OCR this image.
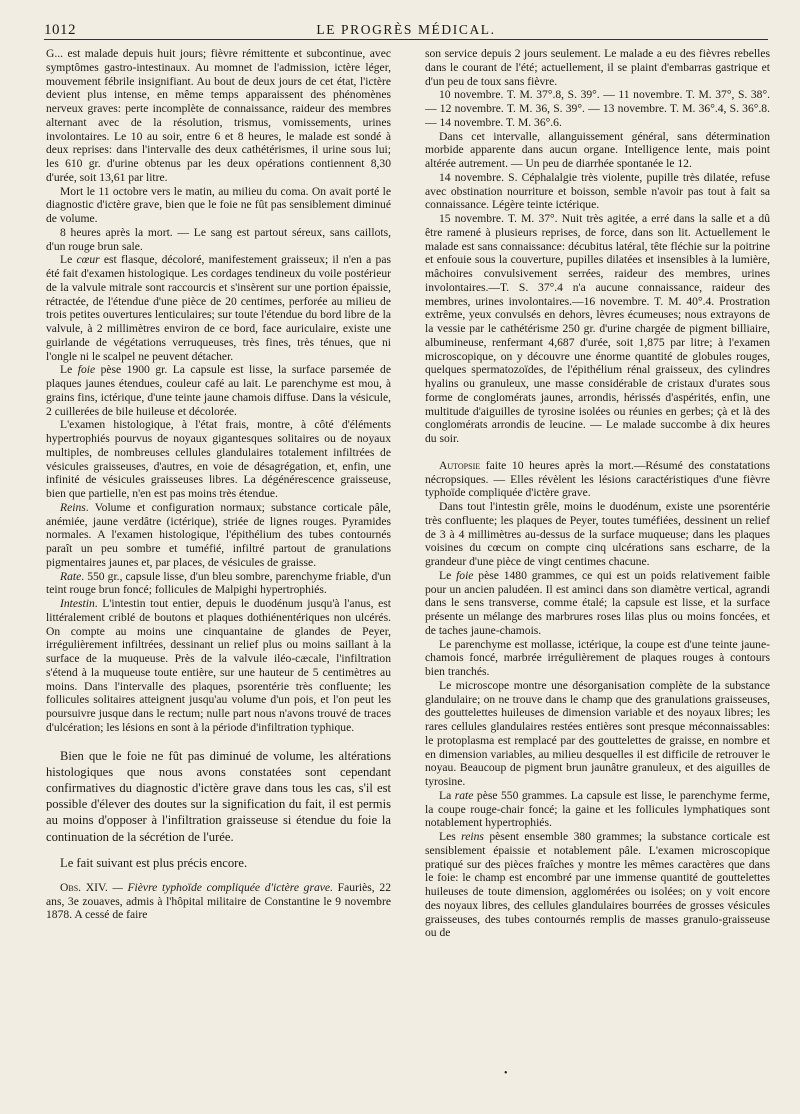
1012	LE PROGRÈS MÉDICAL.

G... est malade depuis huit jours; fièvre rémittente et subcontinue, avec symptômes gastro-intestinaux. Au momnet de l'admission, ictère léger, mouvement fébrile insignifiant. Au bout de deux jours de cet état, l'ictère devient plus intense, en même temps apparaissent des phénomènes nerveux graves: perte incomplète de connaissance, raideur des membres alternant avec de la résolution, trismus, vomissements, urines involontaires. Le 10 au soir, entre 6 et 8 heures, le malade est sondé à deux reprises: dans l'intervalle des deux cathétérismes, il urine sous lui; les 610 gr. d'urine obtenus par les deux opérations contiennent 8,30 d'urée, soit 13,61 par litre.

Mort le 11 octobre vers le matin, au milieu du coma. On avait porté le diagnostic d'ictère grave, bien que le foie ne fût pas sensiblement diminué de volume.

8 heures après la mort. — Le sang est partout séreux, sans caillots, d'un rouge brun sale.

Le cœur est flasque, décoloré, manifestement graisseux; il n'en a pas été fait d'examen histologique. Les cordages tendineux du voile postérieur de la valvule mitrale sont raccourcis et s'insèrent sur une portion épaissie, rétractée, de l'étendue d'une pièce de 20 centimes, perforée au milieu de trois petites ouvertures lenticulaires; sur toute l'étendue du bord libre de la valvule, à 2 millimètres environ de ce bord, face auriculaire, existe une guirlande de végétations verruqueuses, très fines, très ténues, que ni l'ongle ni le scalpel ne peuvent détacher.

Le foie pèse 1900 gr. La capsule est lisse, la surface parsemée de plaques jaunes étendues, couleur café au lait. Le parenchyme est mou, à grains fins, ictérique, d'une teinte jaune chamois diffuse. Dans la vésicule, 2 cuillerées de bile huileuse et décolorée.

L'examen histologique, à l'état frais, montre, à côté d'éléments hypertrophiés pourvus de noyaux gigantesques solitaires ou de noyaux multiples, de nombreuses cellules glandulaires totalement infiltrées de vésicules graisseuses, d'autres, en voie de désagrégation, et, enfin, une infinité de vésicules graisseuses libres. La dégénérescence graisseuse, bien que partielle, n'en est pas moins très étendue.

Reins. Volume et configuration normaux; substance corticale pâle, anémiée, jaune verdâtre (ictérique), striée de lignes rouges. Pyramides normales. A l'examen histologique, l'épithélium des tubes contournés paraît un peu sombre et tuméfié, infiltré partout de granulations pigmentaires jaunes et, par places, de vésicules de graisse.

Rate. 550 gr., capsule lisse, d'un bleu sombre, parenchyme friable, d'un teint rouge brun foncé; follicules de Malpighi hypertrophiés.

Intestin. L'intestin tout entier, depuis le duodénum jusqu'à l'anus, est littéralement criblé de boutons et plaques dothiénentériques non ulcérés. On compte au moins une cinquantaine de glandes de Peyer, irrégulièrement infiltrées, dessinant un relief plus ou moins saillant à la surface de la muqueuse. Près de la valvule iléo-cæcale, l'infiltration s'étend à la muqueuse toute entière, sur une hauteur de 5 centimètres au moins. Dans l'intervalle des plaques, psorentérie très confluente; les follicules solitaires atteignent jusqu'au volume d'un pois, et l'on peut les poursuivre jusque dans le rectum; nulle part nous n'avons trouvé de traces d'ulcération; les lésions en sont à la période d'infiltration typhique.

Bien que le foie ne fût pas diminué de volume, les altérations histologiques que nous avons constatées sont cependant confirmatives du diagnostic d'ictère grave dans tous les cas, s'il est possible d'élever des doutes sur la signification du fait, il est permis au moins d'opposer à l'infiltration graisseuse si étendue du foie la continuation de la sécrétion de l'urée.

Le fait suivant est plus précis encore.

Obs. XIV. — Fièvre typhoïde compliquée d'ictère grave. Fauriès, 22 ans, 3e zouaves, admis à l'hôpital militaire de Constantine le 9 novembre 1878. A cessé de faire

son service depuis 2 jours seulement. Le malade a eu des fièvres rebelles dans le courant de l'été; actuellement, il se plaint d'embarras gastrique et d'un peu de toux sans fièvre.

10 novembre. T. M. 37°.8, S. 39°. — 11 novembre. T. M. 37°, S. 38°. — 12 novembre. T. M. 36, S. 39°. — 13 novembre. T. M. 36°.4, S. 36°.8. — 14 novembre. T. M. 36°.6.

Dans cet intervalle, allanguissement général, sans détermination morbide apparente dans aucun organe. Intelligence lente, mais point altérée autrement. — Un peu de diarrhée spontanée le 12.

14 novembre. S. Céphalalgie très violente, pupille très dilatée, refuse avec obstination nourriture et boisson, semble n'avoir pas tout à fait sa connaissance. Légère teinte ictérique.

15 novembre. T. M. 37°. Nuit très agitée, a erré dans la salle et a dû être ramené à plusieurs reprises, de force, dans son lit. Actuellement le malade est sans connaissance: décubitus latéral, tête fléchie sur la poitrine et enfouie sous la couverture, pupilles dilatées et insensibles à la lumière, mâchoires convulsivement serrées, raideur des membres, urines involontaires.—T. S. 37°.4 n'a aucune connaissance, raideur des membres, urines involontaires.—16 novembre. T. M. 40°.4. Prostration extrême, yeux convulsés en dehors, lèvres écumeuses; nous extrayons de la vessie par le cathétérisme 250 gr. d'urine chargée de pigment billiaire, albumineuse, renfermant 4,687 d'urée, soit 1,875 par litre; à l'examen microscopique, on y découvre une énorme quantité de globules rouges, quelques spermatozoïdes, de l'épithélium rénal graisseux, des cylindres hyalins ou granuleux, une masse considérable de cristaux d'urates sous forme de conglomérats jaunes, arrondis, hérissés d'aspérités, enfin, une multitude d'aiguilles de tyrosine isolées ou réunies en gerbes; çà et là des conglomérats arrondis de leucine. — Le malade succombe à dix heures du soir.

Autopsie faite 10 heures après la mort.—Résumé des constatations nécropsiques. — Elles révèlent les lésions caractéristiques d'une fièvre typhoïde compliquée d'ictère grave.

Dans tout l'intestin grêle, moins le duodénum, existe une psorentérie très confluente; les plaques de Peyer, toutes tuméfiées, dessinent un relief de 3 à 4 millimètres au-dessus de la surface muqueuse; dans les plaques voisines du cœcum on compte cinq ulcérations sans escharre, de la grandeur d'une pièce de vingt centimes chacune.

Le foie pèse 1480 grammes, ce qui est un poids relativement faible pour un ancien paludéen. Il est aminci dans son diamètre vertical, agrandi dans le sens transverse, comme étalé; la capsule est lisse, et la surface présente un mélange des marbrures roses lilas plus ou moins foncées, et de taches jaune-chamois.

Le parenchyme est mollasse, ictérique, la coupe est d'une teinte jaune-chamois foncé, marbrée irrégulièrement de plaques rouges à contours bien tranchés.

Le microscope montre une désorganisation complète de la substance glandulaire; on ne trouve dans le champ que des granulations graisseuses, des gouttelettes huileuses de dimension variable et des noyaux libres; les rares cellules glandulaires restées entières sont presque méconnaissables: le protoplasma est remplacé par des gouttelettes de graisse, en nombre et en dimension variables, au milieu desquelles il est difficile de retrouver le noyau. Beaucoup de pigment brun jaunâtre granuleux, et des aiguilles de tyrosine.

La rate pèse 550 grammes. La capsule est lisse, le parenchyme ferme, la coupe rouge-chair foncé; la gaine et les follicules lymphatiques sont notablement hypertrophiés.

Les reins pèsent ensemble 380 grammes; la substance corticale est sensiblement épaissie et notablement pâle. L'examen microscopique pratiqué sur des pièces fraîches y montre les mêmes caractères que dans le foie: le champ est encombré par une immense quantité de gouttelettes huileuses de toute dimension, agglomérées ou isolées; on y voit encore des noyaux libres, des cellules glandulaires bourrées de grosses vésicules graisseuses, des tubes contournés remplis de masses granulo-graisseuse ou de

•
